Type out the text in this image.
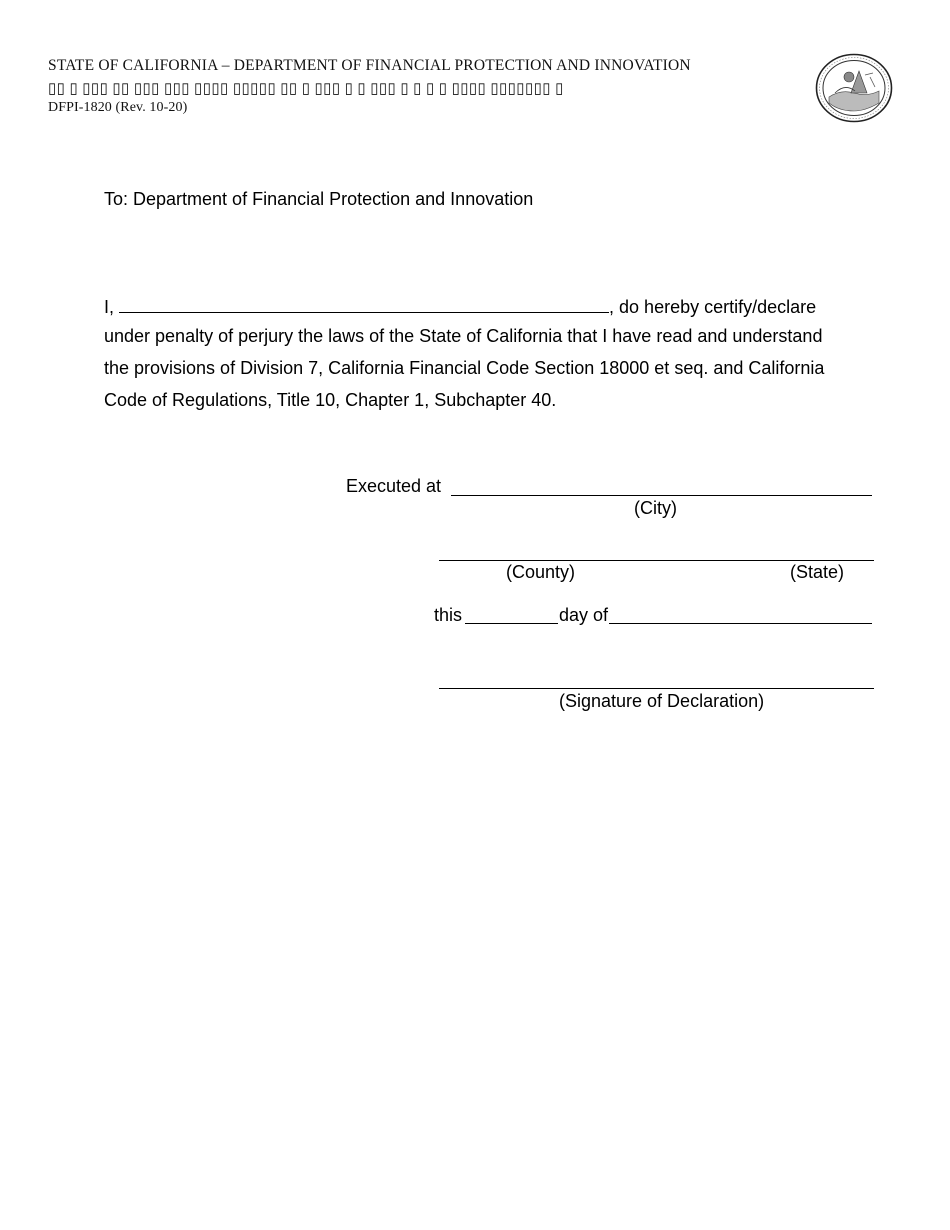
STATE OF CALIFORNIA – DEPARTMENT OF FINANCIAL PROTECTION AND INNOVATION
▯▯ ▯ ▯▯▯ ▯▯ ▯▯▯ ▯▯▯ ▯▯▯▯ ▯▯▯▯▯ ▯▯ ▯ ▯▯▯ ▯ ▯ ▯▯▯ ▯ ▯ ▯ ▯ ▯▯▯▯ ▯▯▯▯▯▯▯ ▯
DFPI-1820 (Rev. 10-20)
To: Department of Financial Protection and Innovation
I,	, do hereby certify/declare
under penalty of perjury the laws of the State of California that I have read and understand
the provisions of Division 7, California Financial Code Section 18000 et seq. and California
Code of Regulations, Title 10, Chapter 1, Subchapter 40.
Executed at
(City)
(County)	(State)
this	day of
(Signature of Declaration)
